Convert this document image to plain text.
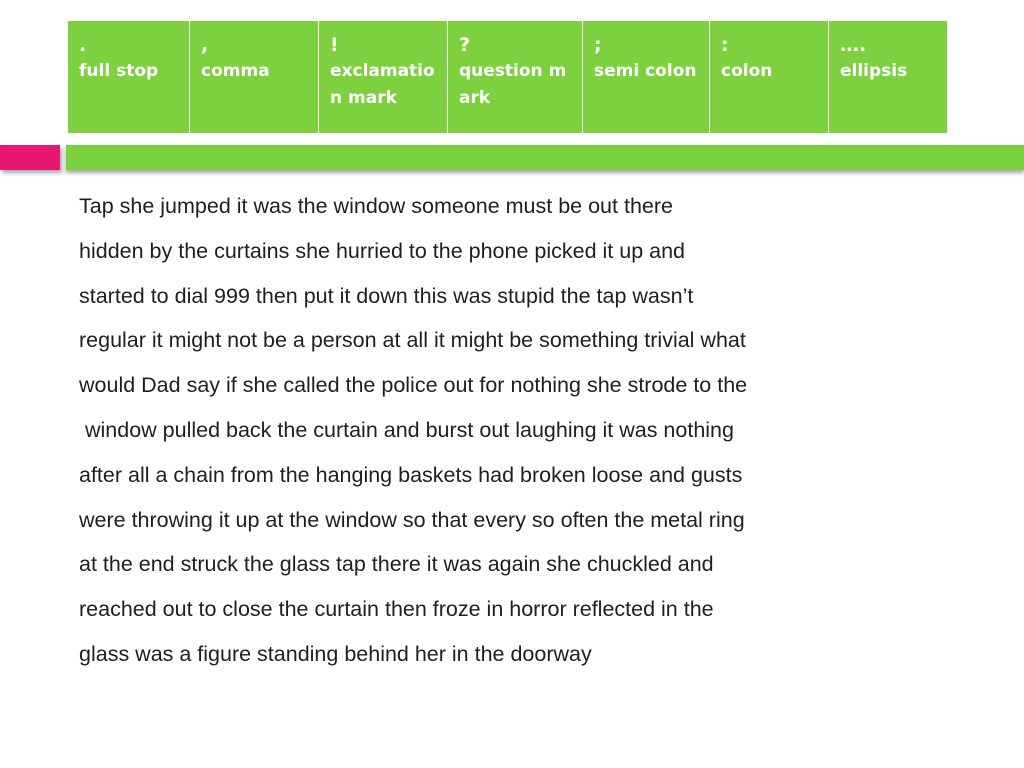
.
full stop
,
comma
!
exclamation mark
?
question mark
;
semi colon
:
colon
….
ellipsis
Tap she jumped it was the window someone must be out there
hidden by the curtains she hurried to the phone picked it up and
started to dial 999 then put it down this was stupid the tap wasn’t
regular it might not be a person at all it might be something trivial what
would Dad say if she called the police out for nothing she strode to the
window pulled back the curtain and burst out laughing it was nothing
after all a chain from the hanging baskets had broken loose and gusts
were throwing it up at the window so that every so often the metal ring
at the end struck the glass tap there it was again she chuckled and
reached out to close the curtain then froze in horror reflected in the
glass was a figure standing behind her in the doorway
